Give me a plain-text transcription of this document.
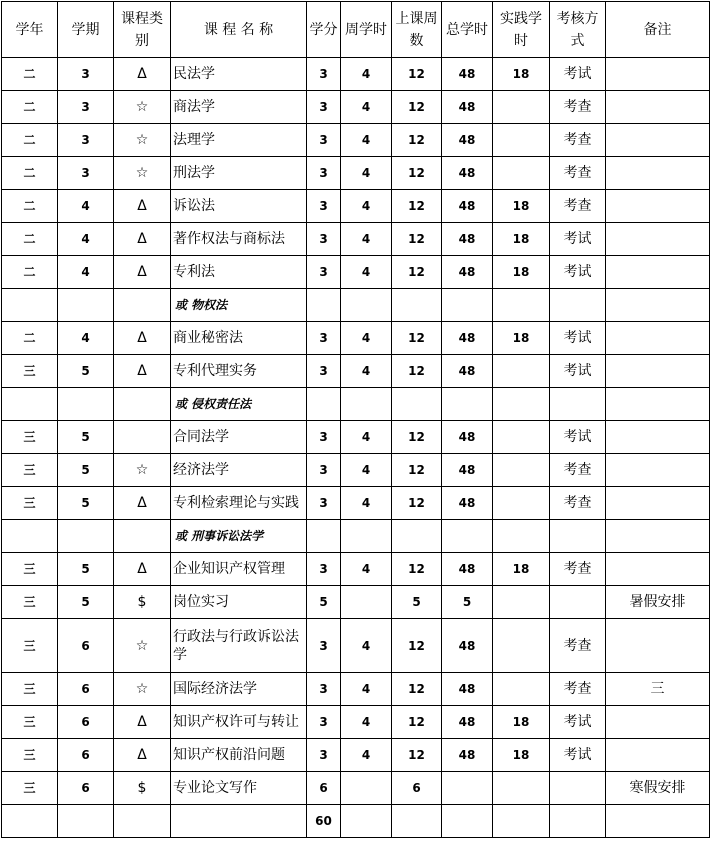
学年	学期	课程类别	课 程 名 称	学分	周学时	上课周数	总学时	实践学时	考核方式	备注
二	3	Δ	民法学	3	4	12	48	18	考试	
二	3	☆	商法学	3	4	12	48		考查	
二	3	☆	法理学	3	4	12	48		考查	
二	3	☆	刑法学	3	4	12	48		考查	
二	4	Δ	诉讼法	3	4	12	48	18	考查	
二	4	Δ	著作权法与商标法	3	4	12	48	18	考试	
二	4	Δ	专利法	3	4	12	48	18	考试	
			或 物权法							
二	4	Δ	商业秘密法	3	4	12	48	18	考试	
三	5	Δ	专利代理实务	3	4	12	48		考试	
			或 侵权责任法							
三	5		合同法学	3	4	12	48		考试	
三	5	☆	经济法学	3	4	12	48		考查	
三	5	Δ	专利检索理论与实践	3	4	12	48		考查	
			或 刑事诉讼法学							
三	5	Δ	企业知识产权管理	3	4	12	48	18	考查	
三	5	$	岗位实习	5		5	5			暑假安排
三	6	☆	行政法与行政诉讼法学	3	4	12	48		考查	
三	6	☆	国际经济法学	3	4	12	48		考查	三
三	6	Δ	知识产权许可与转让	3	4	12	48	18	考试	
三	6	Δ	知识产权前沿问题	3	4	12	48	18	考试	
三	6	$	专业论文写作	6		6				寒假安排
				60						
